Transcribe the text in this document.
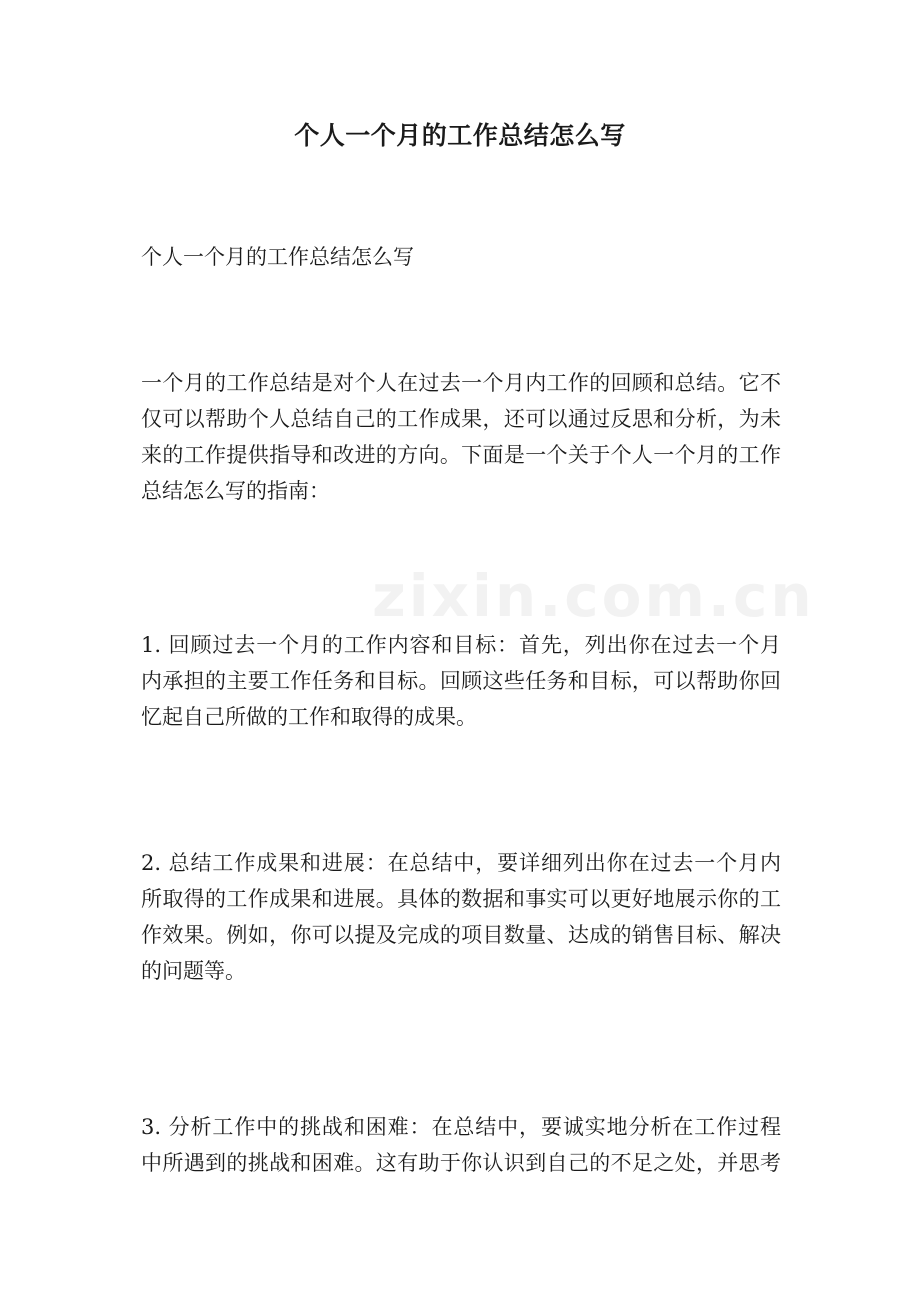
zixin.com.cn
个人一个月的工作总结怎么写
个人一个月的工作总结怎么写
一个月的工作总结是对个人在过去一个月内工作的回顾和总结。它不
仅可以帮助个人总结自己的工作成果，还可以通过反思和分析，为未
来的工作提供指导和改进的方向。下面是一个关于个人一个月的工作
总结怎么写的指南：
1. 回顾过去一个月的工作内容和目标：首先，列出你在过去一个月
内承担的主要工作任务和目标。回顾这些任务和目标，可以帮助你回
忆起自己所做的工作和取得的成果。
2. 总结工作成果和进展：在总结中，要详细列出你在过去一个月内
所取得的工作成果和进展。具体的数据和事实可以更好地展示你的工
作效果。例如，你可以提及完成的项目数量、达成的销售目标、解决
的问题等。
3. 分析工作中的挑战和困难：在总结中，要诚实地分析在工作过程
中所遇到的挑战和困难。这有助于你认识到自己的不足之处，并思考
